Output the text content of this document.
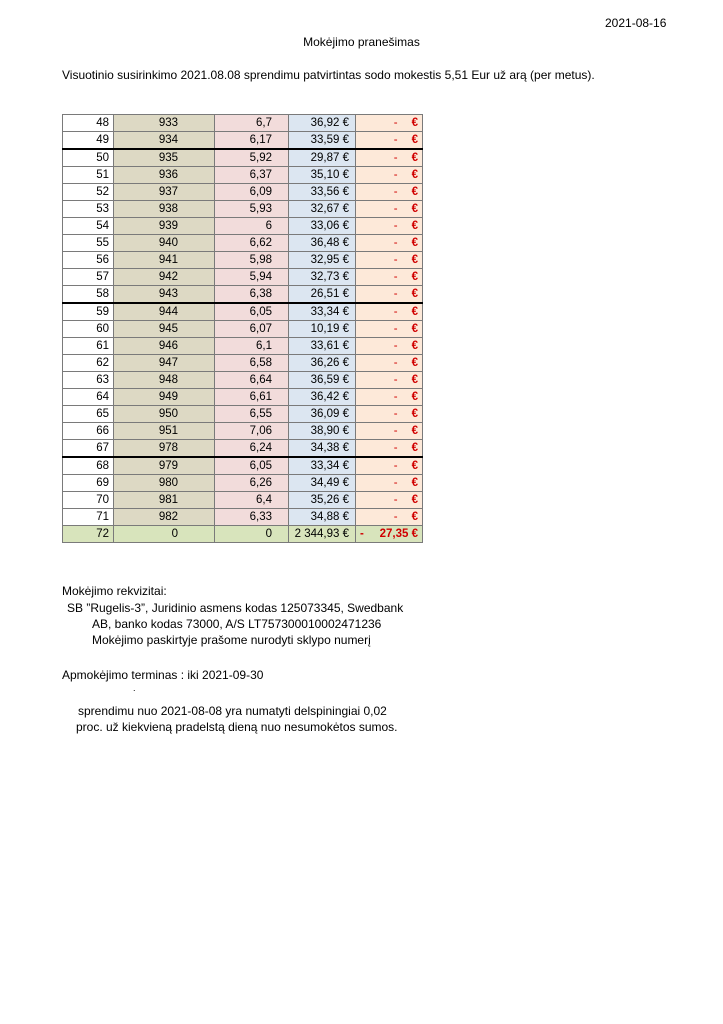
2021-08-16
Mokėjimo pranešimas
Visuotinio susirinkimo 2021.08.08 sprendimu patvirtintas sodo mokestis 5,51 Eur už arą (per metus).
48	933	6,7	36,92 €	- €
49	934	6,17	33,59 €	- €
50	935	5,92	29,87 €	- €
51	936	6,37	35,10 €	- €
52	937	6,09	33,56 €	- €
53	938	5,93	32,67 €	- €
54	939	6	33,06 €	- €
55	940	6,62	36,48 €	- €
56	941	5,98	32,95 €	- €
57	942	5,94	32,73 €	- €
58	943	6,38	26,51 €	- €
59	944	6,05	33,34 €	- €
60	945	6,07	10,19 €	- €
61	946	6,1	33,61 €	- €
62	947	6,58	36,26 €	- €
63	948	6,64	36,59 €	- €
64	949	6,61	36,42 €	- €
65	950	6,55	36,09 €	- €
66	951	7,06	38,90 €	- €
67	978	6,24	34,38 €	- €
68	979	6,05	33,34 €	- €
69	980	6,26	34,49 €	- €
70	981	6,4	35,26 €	- €
71	982	6,33	34,88 €	- €
72	0	0	2 344,93 €	- 27,35 €
Mokėjimo rekvizitai:
SB ”Rugelis-3”, Juridinio asmens kodas 125073345, Swedbank
AB, banko kodas 73000, A/S LT757300010002471236
Mokėjimo paskirtyje prašome nurodyti sklypo numerį
Apmokėjimo terminas : iki 2021-09-30
.
sprendimu nuo 2021-08-08 yra numatyti delspiningiai 0,02
proc. už kiekvieną pradelstą dieną nuo nesumokėtos sumos.
